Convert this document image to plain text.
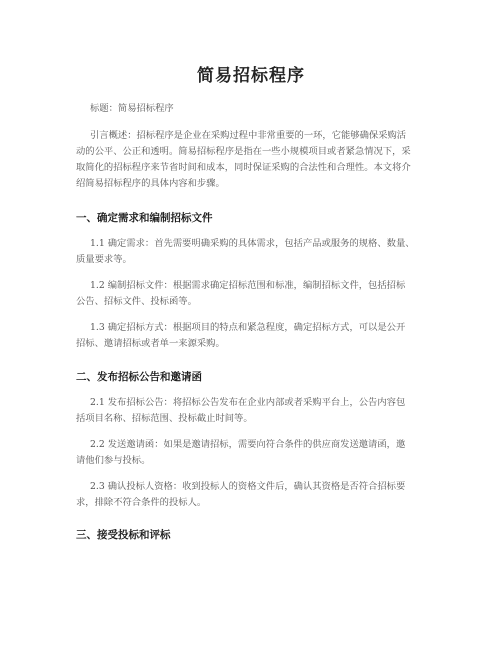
简易招标程序
标题：简易招标程序
引言概述：招标程序是企业在采购过程中非常重要的一环，它能够确保采购活
动的公平、公正和透明。简易招标程序是指在一些小规模项目或者紧急情况下，采
取简化的招标程序来节省时间和成本，同时保证采购的合法性和合理性。本文将介
绍简易招标程序的具体内容和步骤。
一、确定需求和编制招标文件
1.1 确定需求：首先需要明确采购的具体需求，包括产品或服务的规格、数量、
质量要求等。
1.2 编制招标文件：根据需求确定招标范围和标准，编制招标文件，包括招标
公告、招标文件、投标函等。
1.3 确定招标方式：根据项目的特点和紧急程度，确定招标方式，可以是公开
招标、邀请招标或者单一来源采购。
二、发布招标公告和邀请函
2.1 发布招标公告：将招标公告发布在企业内部或者采购平台上，公告内容包
括项目名称、招标范围、投标截止时间等。
2.2 发送邀请函：如果是邀请招标，需要向符合条件的供应商发送邀请函，邀
请他们参与投标。
2.3 确认投标人资格：收到投标人的资格文件后，确认其资格是否符合招标要
求，排除不符合条件的投标人。
三、接受投标和评标
